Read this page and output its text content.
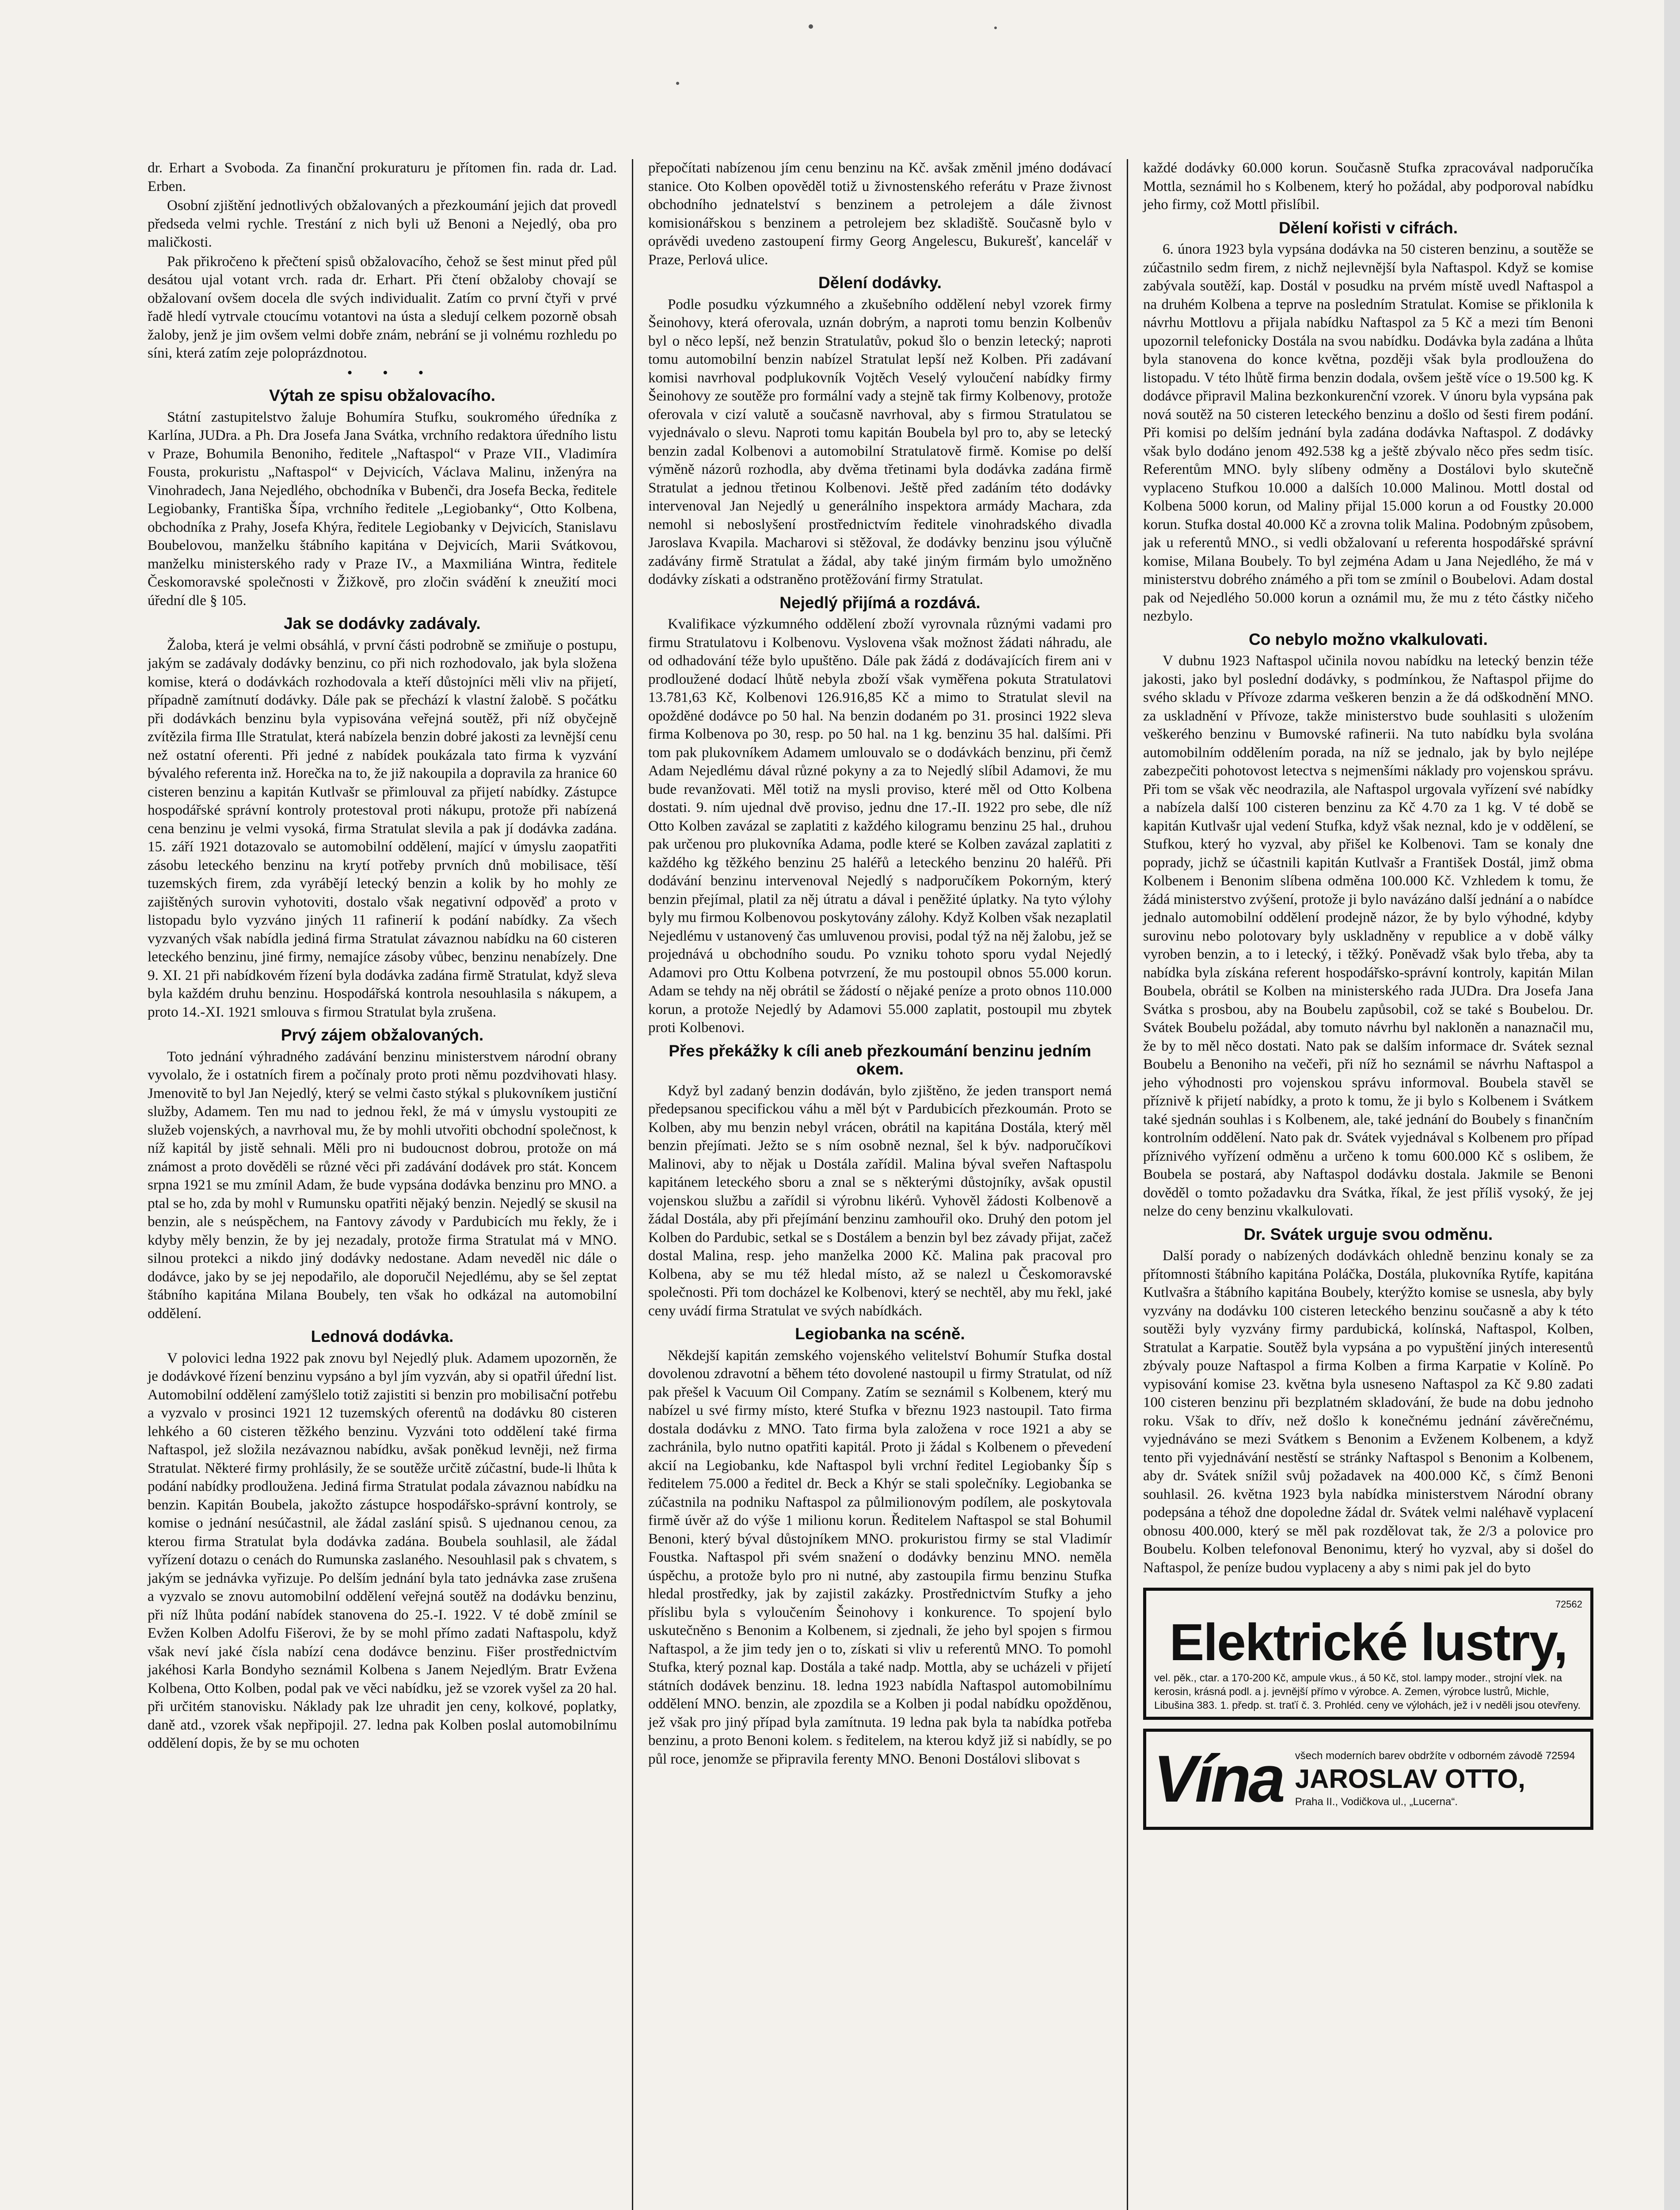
dr. Erhart a Svoboda. Za finanční prokuraturu je přítomen fin. rada dr. Lad. Erben.

Osobní zjištění jednotlivých obžalovaných a přezkoumání jejich dat provedl předseda velmi rychle. Trestání z nich byli už Benoni a Nejedlý, oba pro maličkosti.

Pak přikročeno k přečtení spisů obžalovacího, čehož se šest minut před půl desátou ujal votant vrch. rada dr. Erhart. Při čtení obžaloby chovají se obžalovaní ovšem docela dle svých individualit. Zatím co první čtyři v prvé řadě hledí vytrvale ctoucímu votantovi na ústa a sledují celkem pozorně obsah žaloby, jenž je jim ovšem velmi dobře znám, nebrání se ji volnému rozhledu po síni, která zatím zeje poloprázdnotou.

• • •

Výtah ze spisu obžalovacího.

Státní zastupitelstvo žaluje Bohumíra Stufku, soukromého úředníka z Karlína, JUDra. a Ph. Dra Josefa Jana Svátka, vrchního redaktora úředního listu v Praze, Bohumila Benoniho, ředitele „Naftaspol“ v Praze VII., Vladimíra Fousta, prokuristu „Naftaspol“ v Dejvicích, Václava Malinu, inženýra na Vinohradech, Jana Nejedlého, obchodníka v Bubenči, dra Josefa Becka, ředitele Legiobanky, Františka Šípa, vrchního ředitele „Legiobanky“, Otto Kolbena, obchodníka z Prahy, Josefa Khýra, ředitele Legiobanky v Dejvicích, Stanislavu Boubelovou, manželku štábního kapitána v Dejvicích, Marii Svátkovou, manželku ministerského rady v Praze IV., a Maxmiliána Wintra, ředitele Českomoravské společnosti v Žižkově, pro zločin svádění k zneužití moci úřední dle § 105.

Jak se dodávky zadávaly.

Žaloba, která je velmi obsáhlá, v první části podrobně se zmiňuje o postupu, jakým se zadávaly dodávky benzinu, co při nich rozhodovalo, jak byla složena komise, která o dodávkách rozhodovala a kteří důstojníci měli vliv na přijetí, případně zamítnutí dodávky. Dále pak se přechází k vlastní žalobě. S počátku při dodávkách benzinu byla vypisována veřejná soutěž, při níž obyčejně zvítězila firma Ille Stratulat, která nabízela benzin dobré jakosti za levnější cenu než ostatní oferenti. Při jedné z nabídek poukázala tato firma k vyzvání bývalého referenta inž. Horečka na to, že již nakoupila a dopravila za hranice 60 cisteren benzinu a kapitán Kutlvašr se přimlouval za přijetí nabídky. Zástupce hospodářské správní kontroly protestoval proti nákupu, protože při nabízená cena benzinu je velmi vysoká, firma Stratulat slevila a pak jí dodávka zadána. 15. září 1921 dotazovalo se automobilní oddělení, mající v úmyslu zaopatřiti zásobu leteckého benzinu na krytí potřeby prvních dnů mobilisace, těší tuzemských firem, zda vyrábějí letecký benzin a kolik by ho mohly ze zajištěných surovin vyhotoviti, dostalo však negativní odpověď a proto v listopadu bylo vyzváno jiných 11 rafinerií k podání nabídky. Za všech vyzvaných však nabídla jediná firma Stratulat závaznou nabídku na 60 cisteren leteckého benzinu, jiné firmy, nemajíce zásoby vůbec, benzinu nenabízely. Dne 9. XI. 21 při nabídkovém řízení byla dodávka zadána firmě Stratulat, když sleva byla každém druhu benzinu. Hospodářská kontrola nesouhlasila s nákupem, a proto 14.-XI. 1921 smlouva s firmou Stratulat byla zrušena.

Prvý zájem obžalovaných.

Toto jednání výhradného zadávání benzinu ministerstvem národní obrany vyvolalo, že i ostatních firem a počínaly proto proti němu pozdvihovati hlasy. Jmenovitě to byl Jan Nejedlý, který se velmi často stýkal s plukovníkem justiční služby, Adamem. Ten mu nad to jednou řekl, že má v úmyslu vystoupiti ze služeb vojenských, a navrhoval mu, že by mohli utvořiti obchodní společnost, k níž kapitál by jistě sehnali. Měli pro ni budoucnost dobrou, protože on má známost a proto dověděli se různé věci při zadávání dodávek pro stát. Koncem srpna 1921 se mu zmínil Adam, že bude vypsána dodávka benzinu pro MNO. a ptal se ho, zda by mohl v Rumunsku opatřiti nějaký benzin. Nejedlý se skusil na benzin, ale s neúspěchem, na Fantovy závody v Pardubicích mu řekly, že i kdyby měly benzin, že by jej nezadaly, protože firma Stratulat má v MNO. silnou protekci a nikdo jiný dodávky nedostane. Adam neveděl nic dále o dodávce, jako by se jej nepodařilo, ale doporučil Nejedlému, aby se šel zeptat štábního kapitána Milana Boubely, ten však ho odkázal na automobilní oddělení.

Lednová dodávka.

V polovici ledna 1922 pak znovu byl Nejedlý pluk. Adamem upozorněn, že je dodávkové řízení benzinu vypsáno a byl jím vyzván, aby si opatřil úřední list. Automobilní oddělení zamýšlelo totiž zajistiti si benzin pro mobilisační potřebu a vyzvalo v prosinci 1921 12 tuzemských oferentů na dodávku 80 cisteren lehkého a 60 cisteren těžkého benzinu. Vyzváni toto oddělení také firma Naftaspol, jež složila nezávaznou nabídku, avšak poněkud levněji, než firma Stratulat. Některé firmy prohlásily, že se soutěže určitě zúčastní, bude-li lhůta k podání nabídky prodloužena. Jediná firma Stratulat podala závaznou nabídku na benzin. Kapitán Boubela, jakožto zástupce hospodářsko-správní kontroly, se komise o jednání nesúčastnil, ale žádal zaslání spisů. S ujednanou cenou, za kterou firma Stratulat byla dodávka zadána. Boubela souhlasil, ale žádal vyřízení dotazu o cenách do Rumunska zaslaného. Nesouhlasil pak s chvatem, s jakým se jednávka vyřizuje. Po delším jednání byla tato jednávka zase zrušena a vyzvalo se znovu automobilní oddělení veřejná soutěž na dodávku benzinu, při níž lhůta podání nabídek stanovena do 25.-I. 1922. V té době zmínil se Evžen Kolben Adolfu Fišerovi, že by se mohl přímo zadati Naftaspolu, když však neví jaké čísla nabízí cena dodávce benzinu. Fišer prostřednictvím jakéhosi Karla Bondyho seznámil Kolbena s Janem Nejedlým. Bratr Evžena Kolbena, Otto Kolben, podal pak ve věci nabídku, jež se vzorek vyšel za 20 hal. při určitém stanovisku. Náklady pak lze uhradit jen ceny, kolkové, poplatky, daně atd., vzorek však nepřipojil. 27. ledna pak Kolben poslal automobilnímu oddělení dopis, že by se mu ochoten

přepočítati nabízenou jím cenu benzinu na Kč. avšak změnil jméno dodávací stanice. Oto Kolben opověděl totiž u živnostenského referátu v Praze živnost obchodního jednatelství s benzinem a petrolejem a dále živnost komisionářskou s benzinem a petrolejem bez skladiště. Současně bylo v oprávědi uvedeno zastoupení firmy Georg Angelescu, Bukurešť, kancelář v Praze, Perlová ulice.

Dělení dodávky.

Podle posudku výzkumného a zkušebního oddělení nebyl vzorek firmy Šeinohovy, která oferovala, uznán dobrým, a naproti tomu benzin Kolbenův byl o něco lepší, než benzin Stratulatův, pokud šlo o benzin letecký; naproti tomu automobilní benzin nabízel Stratulat lepší než Kolben. Při zadávaní komisi navrhoval podplukovník Vojtěch Veselý vyloučení nabídky firmy Šeinohovy ze soutěže pro formální vady a stejně tak firmy Kolbenovy, protože oferovala v cizí valutě a současně navrhoval, aby s firmou Stratulatou se vyjednávalo o slevu. Naproti tomu kapitán Boubela byl pro to, aby se letecký benzin zadal Kolbenovi a automobilní Stratulatově firmě. Komise po delší výměně názorů rozhodla, aby dvěma třetinami byla dodávka zadána firmě Stratulat a jednou třetinou Kolbenovi. Ještě před zadáním této dodávky intervenoval Jan Nejedlý u generálního inspektora armády Macharа, zda nemohl si neboslyšení prostřednictvím ředitele vinohradského divadla Jaroslava Kvapila. Macharovi si stěžoval, že dodávky benzinu jsou výlučně zadávány firmě Stratulat a žádal, aby také jiným firmám bylo umožněno dodávky získati a odstraněno protěžování firmy Stratulat.

Nejedlý přijímá a rozdává.

Kvalifikace výzkumného oddělení zboží vyrovnala různými vadami pro firmu Stratulatovu i Kolbenovu. Vyslovena však možnost žádati náhradu, ale od odhadování téže bylo upuštěno. Dále pak žádá z dodávajících firem ani v prodloužené dodací lhůtě nebyla zboží však vyměřena pokuta Stratulatovi 13.781,63 Kč, Kolbenovi 126.916,85 Kč a mimo to Stratulat slevil na opožděné dodávce po 50 hal. Na benzin dodaném po 31. prosinci 1922 sleva firma Kolbenova po 30, resp. po 50 hal. na 1 kg. benzinu 35 hal. dalšími. Při tom pak plukovníkem Adamem umlouvalo se o dodávkách benzinu, při čemž Adam Nejedlému dával různé pokyny a za to Nejedlý slíbil Adamovi, že mu bude revanžovati. Měl totiž na mysli proviso, které měl od Otto Kolbena dostati. 9. ním ujednal dvě proviso, jednu dne 17.-II. 1922 pro sebe, dle níž Otto Kolben zavázal se zaplatiti z každého kilogramu benzinu 25 hal., druhou pak určenou pro plukovníka Adama, podle které se Kolben zavázal zaplatiti z každého kg těžkého benzinu 25 haléřů a leteckého benzinu 20 haléřů. Při dodávání benzinu intervenoval Nejedlý s nadporučíkem Pokorným, který benzin přejímal, platil za něj útratu a dával i peněžité úplatky. Na tyto výlohy byly mu firmou Kolbenovou poskytovány zálohy. Když Kolben však nezaplatil Nejedlému v ustanovený čas umluvenou provisi, podal týž na něj žalobu, jež se projednává u obchodního soudu. Po vzniku tohoto sporu vydal Nejedlý Adamovi pro Ottu Kolbena potvrzení, že mu postoupil obnos 55.000 korun. Adam se tehdy na něj obrátil se žádostí o nějaké peníze a proto obnos 110.000 korun, a protože Nejedlý by Adamovi 55.000 zaplatit, postoupil mu zbytek proti Kolbenovi.

Přes překážky k cíli aneb přezkoumání benzinu jedním okem.

Když byl zadaný benzin dodáván, bylo zjištěno, že jeden transport nemá předepsanou specifickou váhu a měl být v Pardubicích přezkoumán. Proto se Kolben, aby mu benzin nebyl vrácen, obrátil na kapitána Dostála, který měl benzin přejímati. Ježto se s ním osobně neznal, šel k býv. nadporučíkovi Malinovi, aby to nějak u Dostála zařídil. Malina býval sveřen Naftaspolu kapitánem leteckého sboru a znal se s některými důstojníky, avšak opustil vojenskou službu a zařídil si výrobnu likérů. Vyhověl žádosti Kolbenově a žádal Dostála, aby při přejímání benzinu zamhouřil oko. Druhý den potom jel Kolben do Pardubic, setkal se s Dostálem a benzin byl bez závady přijat, začež dostal Malina, resp. jeho manželka 2000 Kč. Malina pak pracoval pro Kolbena, aby se mu též hledal místo, až se nalezl u Českomoravské společnosti. Při tom docházel ke Kolbenovi, který se nechtěl, aby mu řekl, jaké ceny uvádí firma Stratulat ve svých nabídkách.

Legiobanka na scéně.

Někdejší kapitán zemského vojenského velitelství Bohumír Stufka dostal dovolenou zdravotní a během této dovolené nastoupil u firmy Stratulat, od níž pak přešel k Vacuum Oil Company. Zatím se seznámil s Kolbenem, který mu nabízel u své firmy místo, které Stufka v březnu 1923 nastoupil. Tato firma dostala dodávku z MNO. Tato firma byla založena v roce 1921 a aby se zachránila, bylo nutno opatřiti kapitál. Proto ji žádal s Kolbenem o převedení akcií na Legiobanku, kde Naftaspol byli vrchní ředitel Legiobanky Šíp s ředitelem 75.000 a ředitel dr. Beck a Khýr se stali společníky. Legiobanka se zúčastnila na podniku Naftaspol za půlmilionovým podílem, ale poskytovala firmě úvěr až do výše 1 milionu korun. Ředitelem Naftaspol se stal Bohumil Benoni, který býval důstojníkem MNO. prokuristou firmy se stal Vladimír Foustka. Naftaspol při svém snažení o dodávky benzinu MNO. neměla úspěchu, a protože bylo pro ni nutné, aby zastoupila firmu benzinu Stufka hledal prostředky, jak by zajistil zakázky. Prostřednictvím Stufky a jeho příslibu byla s vyloučením Šeinohovy i konkurence. To spojení bylo uskutečněno s Benonim a Kolbenem, si zjednali, že jeho byl spojen s firmou Naftaspol, a že jim tedy jen o to, získati si vliv u referentů MNO. To pomohl Stufka, který poznal kap. Dostála a také nadp. Mottla, aby se ucházeli v přijetí státních dodávek benzinu. 18. ledna 1923 nabídla Naftaspol automobilnímu oddělení MNO. benzin, ale zpozdila se a Kolben ji podal nabídku opožděnou, jež však pro jiný případ byla zamítnuta. 19 ledna pak byla ta nabídka potřeba benzinu, a proto Benoni kolem. s ředitelem, na kterou když již si nabídly, se po půl roce, jenomže se připravila ferenty MNO. Benoni Dostálovi slibovat s

každé dodávky 60.000 korun. Současně Stufka zpracovával nadporučíka Mottla, seznámil ho s Kolbenem, který ho požádal, aby podporoval nabídku jeho firmy, což Mottl přislíbil.

Dělení kořisti v cifrách.

6. února 1923 byla vypsána dodávka na 50 cisteren benzinu, a soutěže se zúčastnilo sedm firem, z nichž nejlevnější byla Naftaspol. Když se komise zabývala soutěží, kap. Dostál v posudku na prvém místě uvedl Naftaspol a na druhém Kolbena a teprve na posledním Stratulat. Komise se přiklonila k návrhu Mottlovu a přijala nabídku Naftaspol za 5 Kč a mezi tím Benoni upozornil telefonicky Dostála na svou nabídku. Dodávka byla zadána a lhůta byla stanovena do konce května, později však byla prodloužena do listopadu. V této lhůtě firma benzin dodala, ovšem ještě více o 19.500 kg. K dodávce připravil Malina bezkonkurenční vzorek. V únoru byla vypsána pak nová soutěž na 50 cisteren leteckého benzinu a došlo od šesti firem podání. Při komisi po delším jednání byla zadána dodávka Naftaspol. Z dodávky však bylo dodáno jenom 492.538 kg a ještě zbývalo něco přes sedm tisíc. Referentům MNO. byly slíbeny odměny a Dostálovi bylo skutečně vyplaceno Stufkou 10.000 a dalších 10.000 Malinou. Mottl dostal od Kolbena 5000 korun, od Maliny přijal 15.000 korun a od Foustky 20.000 korun. Stufka dostal 40.000 Kč a zrovna tolik Malina. Podobným způsobem, jak u referentů MNO., si vedli obžalovaní u referenta hospodářské správní komise, Milana Boubely. To byl zejména Adam u Jana Nejedlého, že má v ministerstvu dobrého známého a při tom se zmínil o Boubelovi. Adam dostal pak od Nejedlého 50.000 korun a oznámil mu, že mu z této částky ničeho nezbylo.

Co nebylo možno vkalkulovati.

V dubnu 1923 Naftaspol učinila novou nabídku na letecký benzin téže jakosti, jako byl poslední dodávky, s podmínkou, že Naftaspol přijme do svého skladu v Přívoze zdarma veškeren benzin a že dá odškodnění MNO. za uskladnění v Přívoze, takže ministerstvo bude souhlasiti s uložením veškerého benzinu v Bumovské rafinerii. Na tuto nabídku byla svolána automobilním oddělením porada, na níž se jednalo, jak by bylo nejlépe zabezpečiti pohotovost letectva s nejmenšími náklady pro vojenskou správu. Při tom se však věc neodrazila, ale Naftaspol urgovala vyřízení své nabídky a nabízela další 100 cisteren benzinu za Kč 4.70 za 1 kg. V té době se kapitán Kutlvašr ujal vedení Stufka, když však neznal, kdo je v oddělení, se Stufkou, který ho vyzval, aby přišel ke Kolbenovi. Tam se konaly dne poprady, jichž se účastnili kapitán Kutlvašr a František Dostál, jimž obma Kolbenem i Benonim slíbena odměna 100.000 Kč. Vzhledem k tomu, že žádá ministerstvo zvýšení, protože ji bylo navázáno další jednání a o nabídce jednalo automobilní oddělení prodejně názor, že by bylo výhodné, kdyby surovinu nebo polotovary byly uskladněny v republice a v době války vyroben benzin, a to i letecký, i těžký. Poněvadž však bylo třeba, aby ta nabídka byla získána referent hospodářsko-správní kontroly, kapitán Milan Boubela, obrátil se Kolben na ministerského rada JUDra. Dra Josefa Jana Svátka s prosbou, aby na Boubelu zapůsobil, což se také s Boubelou. Dr. Svátek Boubelu požádal, aby tomuto návrhu byl nakloněn a nanaznačil mu, že by to měl něco dostati. Nato pak se dalším informace dr. Svátek seznal Boubelu a Benoniho na večeři, při níž ho seznámil se návrhu Naftaspol a jeho výhodnosti pro vojenskou správu informoval. Boubela stavěl se příznivě k přijetí nabídky, a proto k tomu, že ji bylo s Kolbenem i Svátkem také sjednán souhlas i s Kolbenem, ale, také jednání do Boubely s finančním kontrolním oddělení. Nato pak dr. Svátek vyjednával s Kolbenem pro případ příznivého vyřízení odměnu a určeno k tomu 600.000 Kč s oslibem, že Boubela se postará, aby Naftaspol dodávku dostala. Jakmile se Benoni dověděl o tomto požadavku dra Svátka, říkal, že jest příliš vysoký, že jej nelze do ceny benzinu vkalkulovati.

Dr. Svátek urguje svou odměnu.

Další porady o nabízených dodávkách ohledně benzinu konaly se za přítomnosti štábního kapitána Poláčka, Dostála, plukovníka Rytífe, kapitána Kutlvašra a štábního kapitána Boubely, kterýžto komise se usnesla, aby byly vyzvány na dodávku 100 cisteren leteckého benzinu současně a aby k této soutěži byly vyzvány firmy pardubická, kolínská, Naftaspol, Kolben, Stratulat a Karpatie. Soutěž byla vypsána a po vypuštění jiných interesentů zbývaly pouze Naftaspol a firma Kolben a firma Karpatie v Kolíně. Po vypisování komise 23. května byla usneseno Naftaspol za Kč 9.80 zadati 100 cisteren benzinu při bezplatném skladování, že bude na dobu jednoho roku. Však to dřív, než došlo k konečnému jednání závěrečnému, vyjednáváno se mezi Svátkem s Benonim a Evženem Kolbenem, a když tento při vyjednávání nestěstí se stránky Naftaspol s Benonim a Kolbenem, aby dr. Svátek snížil svůj požadavek na 400.000 Kč, s čímž Benoni souhlasil. 26. května 1923 byla nabídka ministerstvem Národní obrany podepsána a téhož dne dopoledne žádal dr. Svátek velmi naléhavě vyplacení obnosu 400.000, který se měl pak rozdělovat tak, že 2/3 a polovice pro Boubelu. Kolben telefonoval Benonimu, který ho vyzval, aby si došel do Naftaspol, že peníze budou vyplaceny a aby s nimi pak jel do byto

72562
Elektrické lustry,
vel. pěk., ctar. a 170-200 Kč, ampule vkus., á 50 Kč, stol. lampy moder., strojní vlek. na kerosin, krásná podl. a j. jevnější přímo v výrobce. A. Zemen, výrobce lustrů, Michle, Libušina 383. 1. předp. st. traťí č. 3. Prohléd. ceny ve výlohách, jež i v neděli jsou otevřeny.
Vína	všech moderních barev obdržíte v odborném závodě 72594
JAROSLAV OTTO,
Praha II., Vodičkova ul., „Lucerna“.
